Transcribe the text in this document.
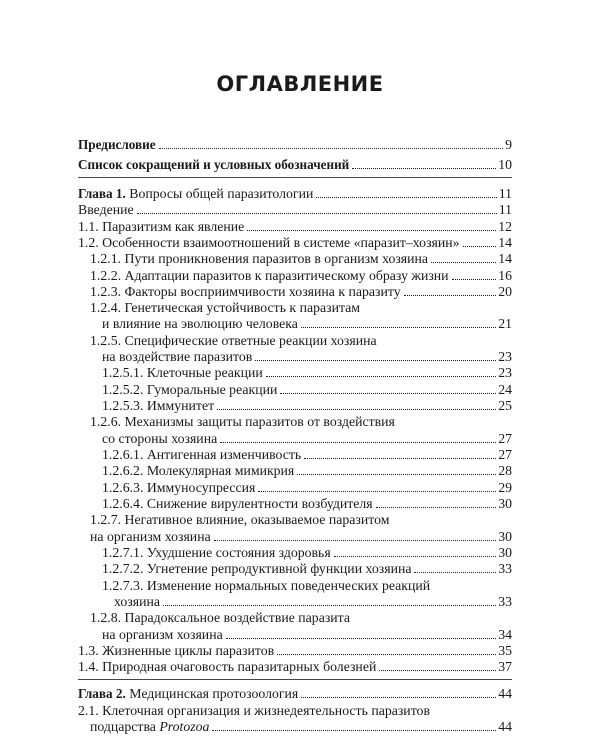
ОГЛАВЛЕНИЕ
Предисловие	9
Список сокращений и условных обозначений	10
Глава 1. Вопросы общей паразитологии	11
Введение	11
1.1. Паразитизм как явление	12
1.2. Особенности взаимоотношений в системе «паразит–хозяин»	14
1.2.1. Пути проникновения паразитов в организм хозяина	14
1.2.2. Адаптации паразитов к паразитическому образу жизни	16
1.2.3. Факторы восприимчивости хозяина к паразиту	20
1.2.4. Генетическая устойчивость к паразитам
и влияние на эволюцию человека	21
1.2.5. Специфические ответные реакции хозяина
на воздействие паразитов	23
1.2.5.1. Клеточные реакции	23
1.2.5.2. Гуморальные реакции	24
1.2.5.3. Иммунитет	25
1.2.6. Механизмы защиты паразитов от воздействия
со стороны хозяина	27
1.2.6.1. Антигенная изменчивость	27
1.2.6.2. Молекулярная мимикрия	28
1.2.6.3. Иммуносупрессия	29
1.2.6.4. Снижение вирулентности возбудителя	30
1.2.7. Негативное влияние, оказываемое паразитом
на организм хозяина	30
1.2.7.1. Ухудшение состояния здоровья	30
1.2.7.2. Угнетение репродуктивной функции хозяина	33
1.2.7.3. Изменение нормальных поведенческих реакций
хозяина	33
1.2.8. Парадоксальное воздействие паразита
на организм хозяина	34
1.3. Жизненные циклы паразитов	35
1.4. Природная очаговость паразитарных болезней	37
Глава 2. Медицинская протозоология	44
2.1. Клеточная организация и жизнедеятельность паразитов
подцарства Protozoa	44
